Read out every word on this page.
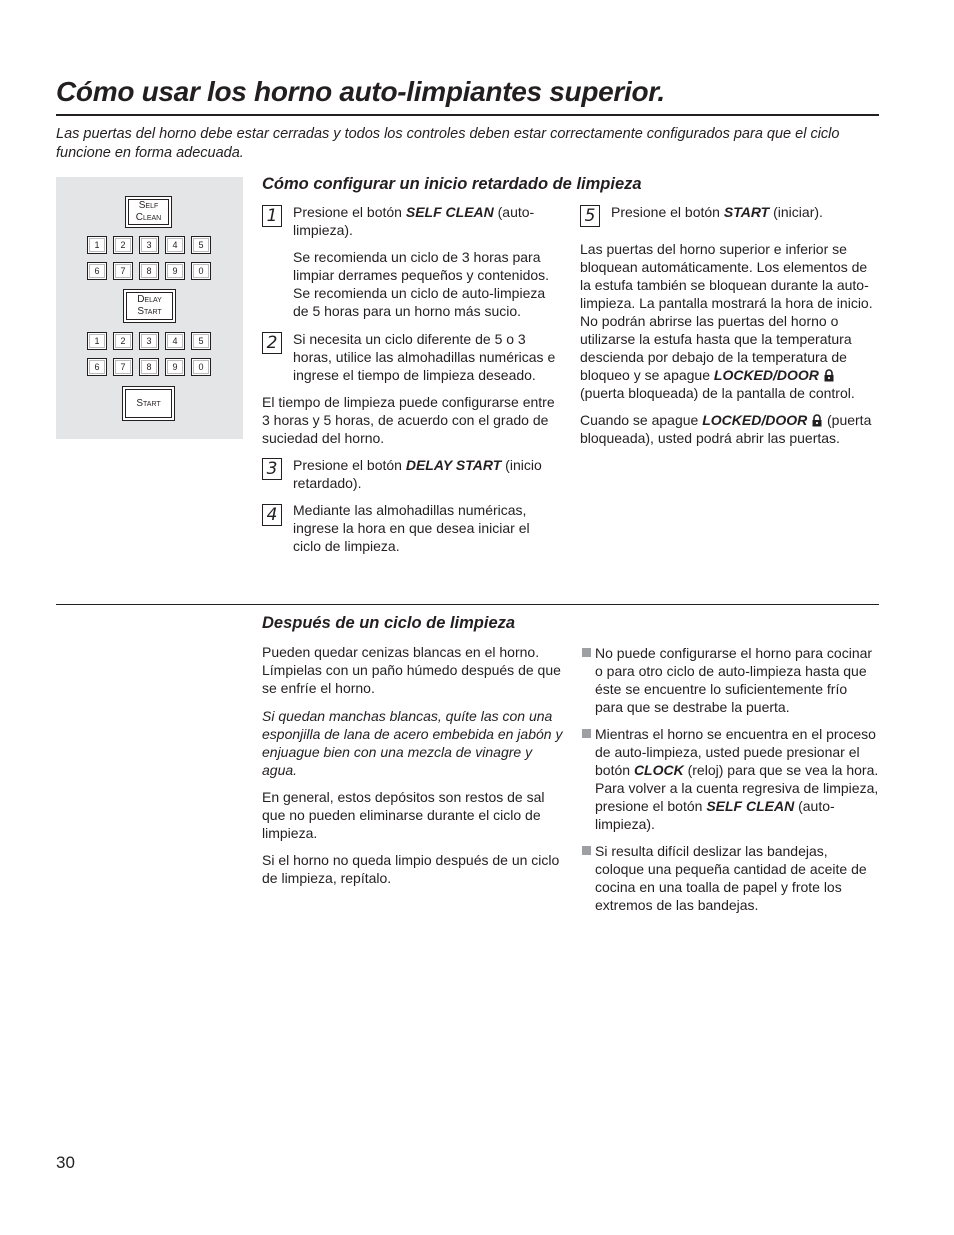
Cómo usar los horno auto-limpiantes superior.

Las puertas del horno debe estar cerradas y todos los controles deben estar correctamente configurados para que el ciclo funcione en forma adecuada.

Self
Clean
1	2	3	4	5
6	7	8	9	0
Delay
Start
1	2	3	4	5
6	7	8	9	0
Start
Cómo configurar un inicio retardado de limpieza
1	Presione el botón SELF CLEAN (auto-limpieza).

Se recomienda un ciclo de 3 horas para limpiar derrames pequeños y contenidos. Se recomienda un ciclo de auto-limpieza de 5 horas para un horno más sucio.

2	Si necesita un ciclo diferente de 5 o 3 horas, utilice las almohadillas numéricas e ingrese el tiempo de limpieza deseado.

El tiempo de limpieza puede configurarse entre 3 horas y 5 horas, de acuerdo con el grado de suciedad del horno.

3	Presione el botón DELAY START (inicio retardado).

4	Mediante las almohadillas numéricas, ingrese la hora en que desea iniciar el ciclo de limpieza.

5	Presione el botón START (iniciar).

Las puertas del horno superior e inferior se bloquean automáticamente. Los elementos de la estufa también se bloquean durante la auto-limpieza. La pantalla mostrará la hora de inicio. No podrán abrirse las puertas del horno o utilizarse la estufa hasta que la temperatura descienda por debajo de la temperatura de bloqueo y se apague LOCKED/DOOR  (puerta bloqueada) de la pantalla de control.

Cuando se apague LOCKED/DOOR  (puerta bloqueada), usted podrá abrir las puertas.

Después de un ciclo de limpieza

Pueden quedar cenizas blancas en el horno. Límpielas con un paño húmedo después de que se enfríe el horno.

Si quedan manchas blancas, quíte las con una esponjilla de lana de acero embebida en jabón y enjuague bien con una mezcla de vinagre y agua.

En general, estos depósitos son restos de sal que no pueden eliminarse durante el ciclo de limpieza.

Si el horno no queda limpio después de un ciclo de limpieza, repítalo.

No puede configurarse el horno para cocinar o para otro ciclo de auto-limpieza hasta que éste se encuentre lo suficientemente frío para que se destrabe la puerta.

Mientras el horno se encuentra en el proceso de auto-limpieza, usted puede presionar el botón CLOCK (reloj) para que se vea la hora. Para volver a la cuenta regresiva de limpieza, presione el botón SELF CLEAN (auto-limpieza).

Si resulta difícil deslizar las bandejas, coloque una pequeña cantidad de aceite de cocina en una toalla de papel y frote los extremos de las bandejas.

30
